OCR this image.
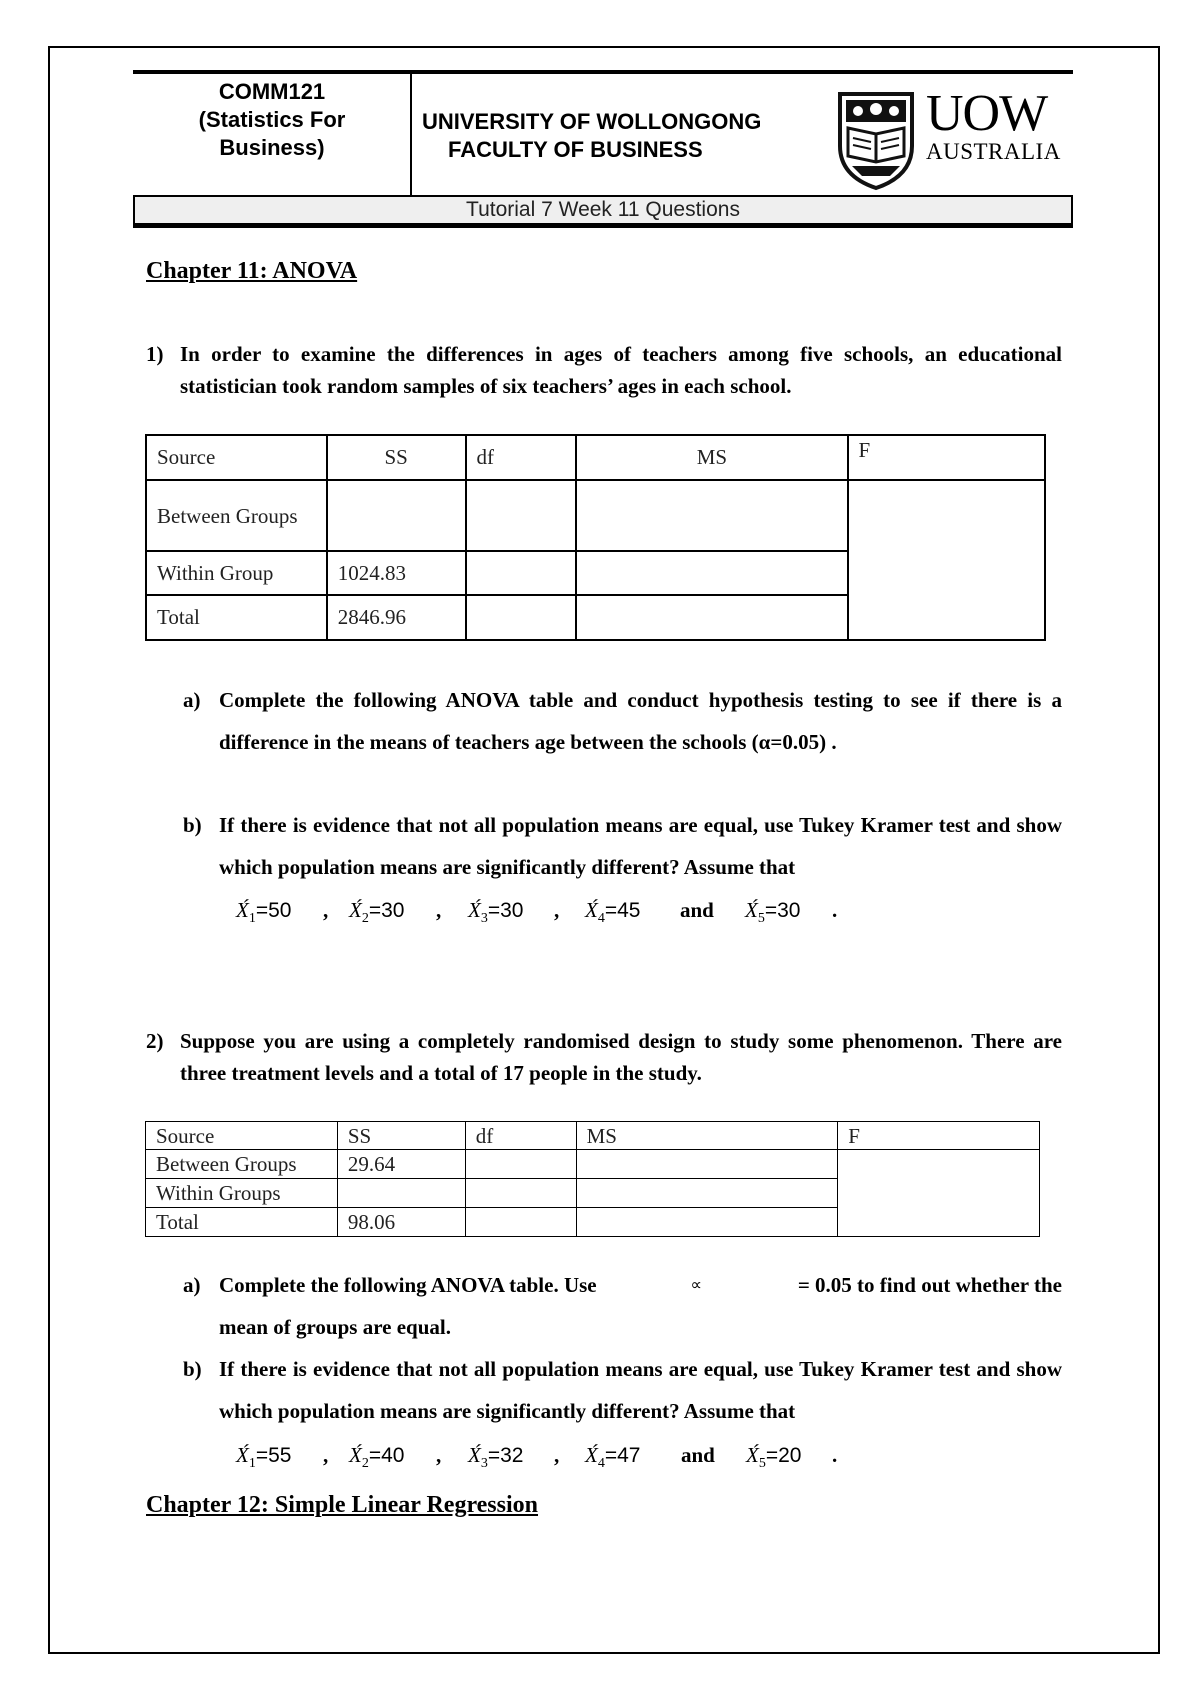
COMM121
(Statistics For
Business)
UNIVERSITY OF WOLLONGONG
FACULTY OF BUSINESS
UOW
AUSTRALIA
Tutorial 7 Week 11 Questions
Chapter 11: ANOVA
1) In order to examine the differences in ages of teachers among five schools, an educational statistician took random samples of six teachers’ ages in each school.
Source	SS	df	MS	F
Between Groups				
Within Group	1024.83			
Total	2846.96			
a) Complete the following ANOVA table and conduct hypothesis testing to see if there is a difference in the means of teachers age between the schools (α=0.05) .
b) If there is evidence that not all population means are equal, use Tukey Kramer test and show which population means are significantly different? Assume that
$X́_1=50$ , $X́_2=30$ , $X́_3=30$ , $X́_4=45$ and $X́_5=30$ .
2) Suppose you are using a completely randomised design to study some phenomenon. There are three treatment levels and a total of 17 people in the study.
Source	SS	df	MS	F
Between Groups	29.64			
Within Groups				
Total	98.06			
a) Complete the following ANOVA table. Use	∝	= 0.05 to find out whether the
mean of groups are equal.
b) If there is evidence that not all population means are equal, use Tukey Kramer test and show which population means are significantly different? Assume that
$X́_1=55$ , $X́_2=40$ , $X́_3=32$ , $X́_4=47$ and $X́_5=20$ .
Chapter 12: Simple Linear Regression
